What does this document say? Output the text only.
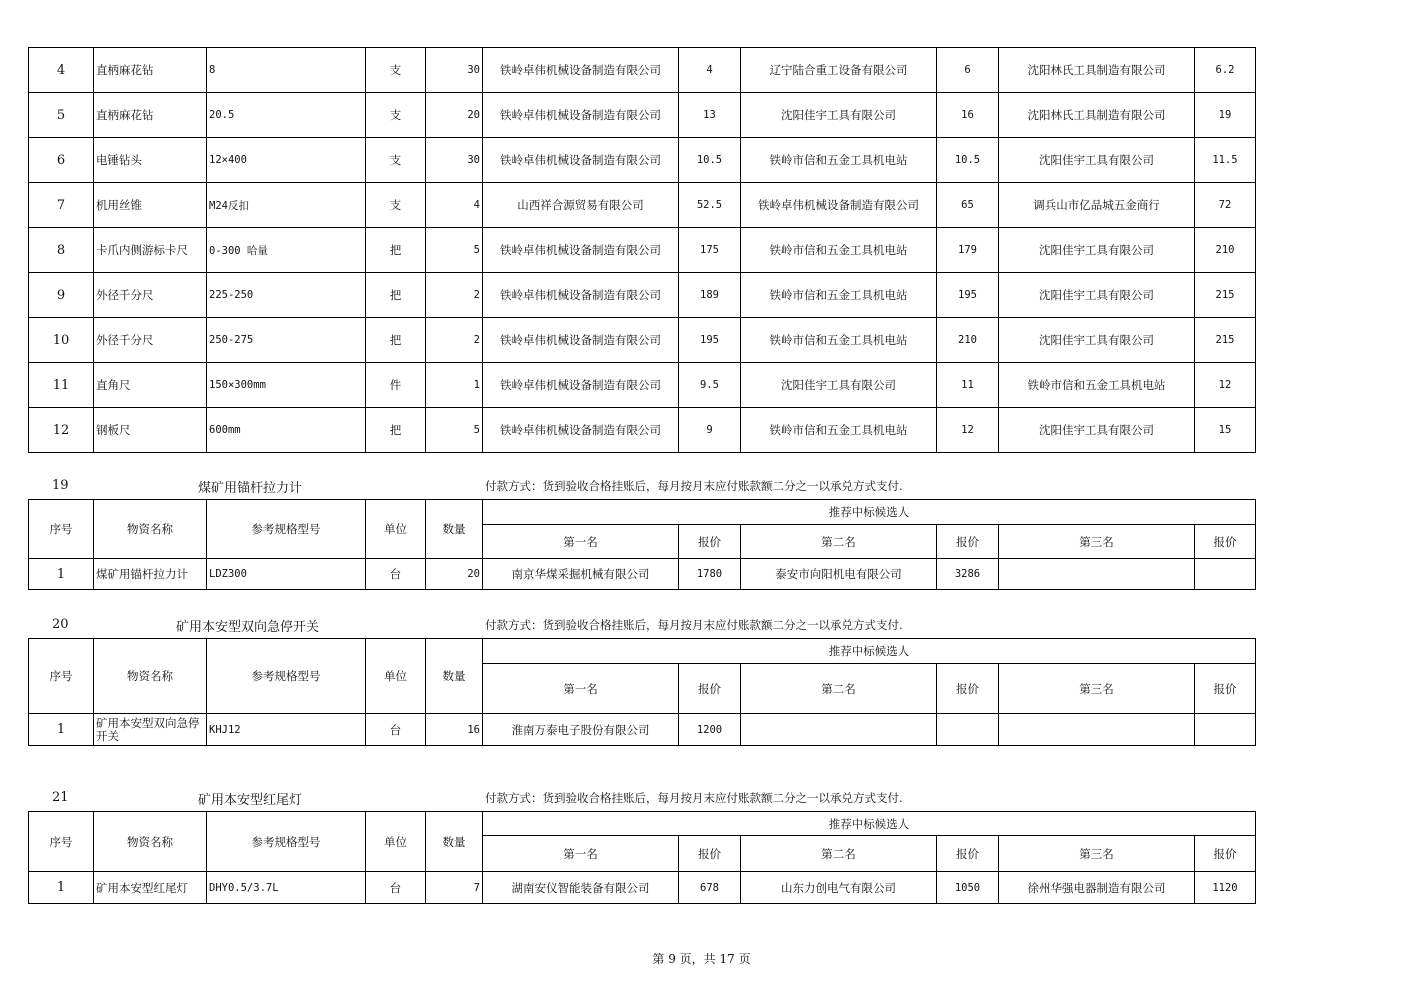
4	直柄麻花钻	8	支	30	铁岭卓伟机械设备制造有限公司	4	辽宁陆合重工设备有限公司	6	沈阳林氏工具制造有限公司	6.2
5	直柄麻花钻	20.5	支	20	铁岭卓伟机械设备制造有限公司	13	沈阳佳宇工具有限公司	16	沈阳林氏工具制造有限公司	19
6	电锤钻头	12×400	支	30	铁岭卓伟机械设备制造有限公司	10.5	铁岭市信和五金工具机电站	10.5	沈阳佳宇工具有限公司	11.5
7	机用丝锥	M24反扣	支	4	山西祥合源贸易有限公司	52.5	铁岭卓伟机械设备制造有限公司	65	调兵山市亿品城五金商行	72
8	卡爪内侧游标卡尺	0-300 哈量	把	5	铁岭卓伟机械设备制造有限公司	175	铁岭市信和五金工具机电站	179	沈阳佳宇工具有限公司	210
9	外径千分尺	225-250	把	2	铁岭卓伟机械设备制造有限公司	189	铁岭市信和五金工具机电站	195	沈阳佳宇工具有限公司	215
10	外径千分尺	250-275	把	2	铁岭卓伟机械设备制造有限公司	195	铁岭市信和五金工具机电站	210	沈阳佳宇工具有限公司	215
11	直角尺	150×300mm	件	1	铁岭卓伟机械设备制造有限公司	9.5	沈阳佳宇工具有限公司	11	铁岭市信和五金工具机电站	12
12	钢板尺	600mm	把	5	铁岭卓伟机械设备制造有限公司	9	铁岭市信和五金工具机电站	12	沈阳佳宇工具有限公司	15
19	煤矿用锚杆拉力计	付款方式：货到验收合格挂账后，每月按月末应付账款额二分之一以承兑方式支付.
序号	物资名称	参考规格型号	单位	数量	推荐中标候选人					
					第一名	报价	第二名	报价	第三名	报价
1	煤矿用锚杆拉力计	LDZ300	台	20	南京华煤采掘机械有限公司	1780	泰安市向阳机电有限公司	3286		
20	矿用本安型双向急停开关	付款方式：货到验收合格挂账后，每月按月末应付账款额二分之一以承兑方式支付.
序号	物资名称	参考规格型号	单位	数量	推荐中标候选人					
					第一名	报价	第二名	报价	第三名	报价
1	矿用本安型双向急停开关	KHJ12	台	16	淮南万泰电子股份有限公司	1200				
21	矿用本安型红尾灯	付款方式：货到验收合格挂账后，每月按月末应付账款额二分之一以承兑方式支付.
序号	物资名称	参考规格型号	单位	数量	推荐中标候选人					
					第一名	报价	第二名	报价	第三名	报价
1	矿用本安型红尾灯	DHY0.5/3.7L	台	7	湖南安仪智能装备有限公司	678	山东力创电气有限公司	1050	徐州华强电器制造有限公司	1120
第 9 页，共 17 页
